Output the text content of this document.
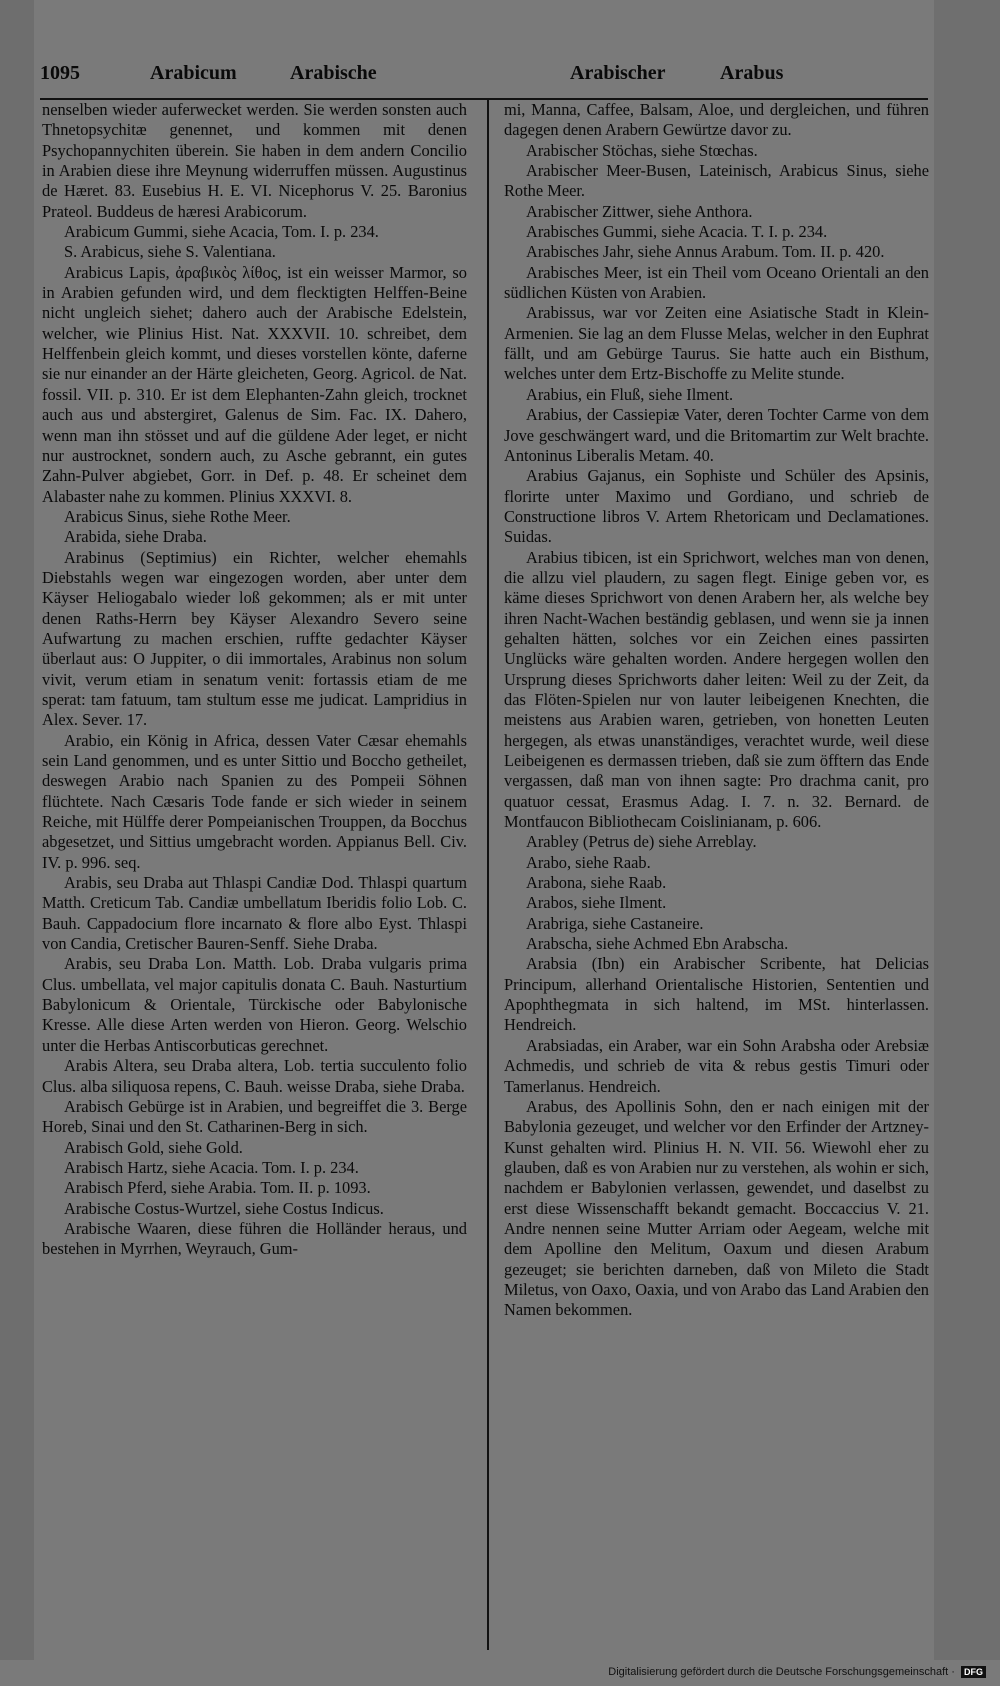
1095	Arabicum	Arabische	Arabischer	Arabus

nenselben wieder auferwecket werden. Sie werden sonsten auch Thnetopsychitæ genennet, und kommen mit denen Psychopannychiten überein. Sie haben in dem andern Concilio in Arabien diese ihre Meynung widerruffen müssen. Augustinus de Hæret. 83. Eusebius H. E. VI. Nicephorus V. 25. Baronius Prateol. Buddeus de hæresi Arabicorum.

Arabicum Gummi, siehe Acacia, Tom. I. p. 234.

S. Arabicus, siehe S. Valentiana.

Arabicus Lapis, ἀραβικὸς λίθος, ist ein weisser Marmor, so in Arabien gefunden wird, und dem flecktigten Helffen-Beine nicht ungleich siehet; dahero auch der Arabische Edelstein, welcher, wie Plinius Hist. Nat. XXXVII. 10. schreibet, dem Helffenbein gleich kommt, und dieses vorstellen könte, daferne sie nur einander an der Härte gleicheten, Georg. Agricol. de Nat. fossil. VII. p. 310. Er ist dem Elephanten-Zahn gleich, trocknet auch aus und abstergiret, Galenus de Sim. Fac. IX. Dahero, wenn man ihn stösset und auf die güldene Ader leget, er nicht nur austrocknet, sondern auch, zu Asche gebrannt, ein gutes Zahn-Pulver abgiebet, Gorr. in Def. p. 48. Er scheinet dem Alabaster nahe zu kommen. Plinius XXXVI. 8.

Arabicus Sinus, siehe Rothe Meer.

Arabida, siehe Draba.

Arabinus (Septimius) ein Richter, welcher ehemahls Diebstahls wegen war eingezogen worden, aber unter dem Käyser Heliogabalo wieder loß gekommen; als er mit unter denen Raths-Herrn bey Käyser Alexandro Severo seine Aufwartung zu machen erschien, ruffte gedachter Käyser überlaut aus: O Juppiter, o dii immortales, Arabinus non solum vivit, verum etiam in senatum venit: fortassis etiam de me sperat: tam fatuum, tam stultum esse me judicat. Lampridius in Alex. Sever. 17.

Arabio, ein König in Africa, dessen Vater Cæsar ehemahls sein Land genommen, und es unter Sittio und Boccho getheilet, deswegen Arabio nach Spanien zu des Pompeii Söhnen flüchtete. Nach Cæsaris Tode fande er sich wieder in seinem Reiche, mit Hülffe derer Pompeianischen Trouppen, da Bocchus abgesetzet, und Sittius umgebracht worden. Appianus Bell. Civ. IV. p. 996. seq.

Arabis, seu Draba aut Thlaspi Candiæ Dod. Thlaspi quartum Matth. Creticum Tab. Candiæ umbellatum Iberidis folio Lob. C. Bauh. Cappadocium flore incarnato & flore albo Eyst. Thlaspi von Candia, Cretischer Bauren-Senff. Siehe Draba.

Arabis, seu Draba Lon. Matth. Lob. Draba vulgaris prima Clus. umbellata, vel major capitulis donata C. Bauh. Nasturtium Babylonicum & Orientale, Türckische oder Babylonische Kresse. Alle diese Arten werden von Hieron. Georg. Welschio unter die Herbas Antiscorbuticas gerechnet.

Arabis Altera, seu Draba altera, Lob. tertia succulento folio Clus. alba siliquosa repens, C. Bauh. weisse Draba, siehe Draba.

Arabisch Gebürge ist in Arabien, und begreiffet die 3. Berge Horeb, Sinai und den St. Catharinen-Berg in sich.

Arabisch Gold, siehe Gold.

Arabisch Hartz, siehe Acacia. Tom. I. p. 234.

Arabisch Pferd, siehe Arabia. Tom. II. p. 1093.

Arabische Costus-Wurtzel, siehe Costus Indicus.

Arabische Waaren, diese führen die Holländer heraus, und bestehen in Myrrhen, Weyrauch, Gum-

mi, Manna, Caffee, Balsam, Aloe, und dergleichen, und führen dagegen denen Arabern Gewürtze davor zu.

Arabischer Stöchas, siehe Stœchas.

Arabischer Meer-Busen, Lateinisch, Arabicus Sinus, siehe Rothe Meer.

Arabischer Zittwer, siehe Anthora.

Arabisches Gummi, siehe Acacia. T. I. p. 234.

Arabisches Jahr, siehe Annus Arabum. Tom. II. p. 420.

Arabisches Meer, ist ein Theil vom Oceano Orientali an den südlichen Küsten von Arabien.

Arabissus, war vor Zeiten eine Asiatische Stadt in Klein-Armenien. Sie lag an dem Flusse Melas, welcher in den Euphrat fällt, und am Gebürge Taurus. Sie hatte auch ein Bisthum, welches unter dem Ertz-Bischoffe zu Melite stunde.

Arabius, ein Fluß, siehe Ilment.

Arabius, der Cassiepiæ Vater, deren Tochter Carme von dem Jove geschwängert ward, und die Britomartim zur Welt brachte. Antoninus Liberalis Metam. 40.

Arabius Gajanus, ein Sophiste und Schüler des Apsinis, florirte unter Maximo und Gordiano, und schrieb de Constructione libros V. Artem Rhetoricam und Declamationes. Suidas.

Arabius tibicen, ist ein Sprichwort, welches man von denen, die allzu viel plaudern, zu sagen flegt. Einige geben vor, es käme dieses Sprichwort von denen Arabern her, als welche bey ihren Nacht-Wachen beständig geblasen, und wenn sie ja innen gehalten hätten, solches vor ein Zeichen eines passirten Unglücks wäre gehalten worden. Andere hergegen wollen den Ursprung dieses Sprichworts daher leiten: Weil zu der Zeit, da das Flöten-Spielen nur von lauter leibeigenen Knechten, die meistens aus Arabien waren, getrieben, von honetten Leuten hergegen, als etwas unanständiges, verachtet wurde, weil diese Leibeigenen es dermassen trieben, daß sie zum öfftern das Ende vergassen, daß man von ihnen sagte: Pro drachma canit, pro quatuor cessat, Erasmus Adag. I. 7. n. 32. Bernard. de Montfaucon Bibliothecam Coislinianam, p. 606.

Arabley (Petrus de) siehe Arreblay.

Arabo, siehe Raab.

Arabona, siehe Raab.

Arabos, siehe Ilment.

Arabriga, siehe Castaneire.

Arabscha, siehe Achmed Ebn Arabscha.

Arabsia (Ibn) ein Arabischer Scribente, hat Delicias Principum, allerhand Orientalische Historien, Sententien und Apophthegmata in sich haltend, im MSt. hinterlassen. Hendreich.

Arabsiadas, ein Araber, war ein Sohn Arabsha oder Arebsiæ Achmedis, und schrieb de vita & rebus gestis Timuri oder Tamerlanus. Hendreich.

Arabus, des Apollinis Sohn, den er nach einigen mit der Babylonia gezeuget, und welcher vor den Erfinder der Artzney-Kunst gehalten wird. Plinius H. N. VII. 56. Wiewohl eher zu glauben, daß es von Arabien nur zu verstehen, als wohin er sich, nachdem er Babylonien verlassen, gewendet, und daselbst zu erst diese Wissenschafft bekandt gemacht. Boccaccius V. 21. Andre nennen seine Mutter Arriam oder Aegeam, welche mit dem Apolline den Melitum, Oaxum und diesen Arabum gezeuget; sie berichten darneben, daß von Mileto die Stadt Miletus, von Oaxo, Oaxia, und von Arabo das Land Arabien den Namen bekommen.

Digitalisierung gefördert durch die Deutsche Forschungsgemeinschaft · DFG
